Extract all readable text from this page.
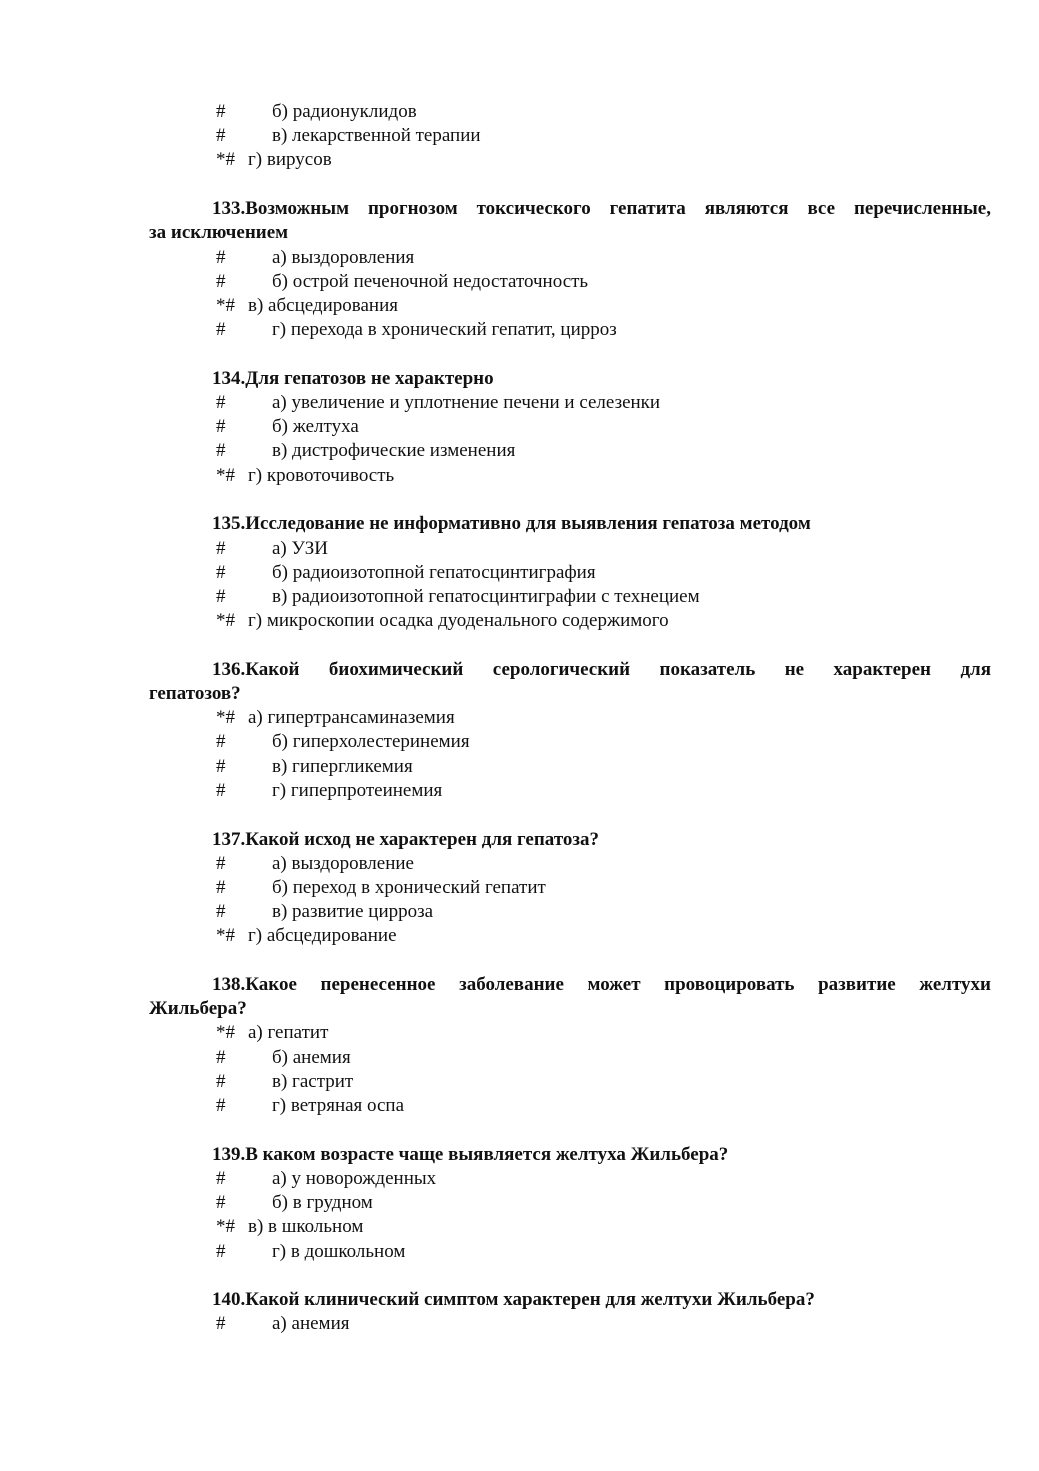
# б) радионуклидов
# в) лекарственной терапии
*# г) вирусов
133.Возможным прогнозом токсического гепатита являются все перечисленные,
за исключением
# а) выздоровления
# б) острой печеночной недостаточность
*# в) абсцедирования
# г) перехода в хронический гепатит, цирроз
134.Для гепатозов не характерно
# а) увеличение и уплотнение печени и селезенки
# б) желтуха
# в) дистрофические изменения
*# г) кровоточивость
135.Исследование не информативно для выявления гепатоза методом
# а) УЗИ
# б) радиоизотопной гепатосцинтиграфия
# в) радиоизотопной гепатосцинтиграфии с технецием
*# г) микроскопии осадка дуоденального содержимого
136.Какой биохимический серологический показатель не характерен для
гепатозов?
*# а) гипертрансаминаземия
# б) гиперхолестеринемия
# в) гипергликемия
# г) гиперпротеинемия
137.Какой исход не характерен для гепатоза?
# а) выздоровление
# б) переход в хронический гепатит
# в) развитие цирроза
*# г) абсцедирование
138.Какое перенесенное заболевание может провоцировать развитие желтухи
Жильбера?
*# а) гепатит
# б) анемия
# в) гастрит
# г) ветряная оспа
139.В каком возрасте чаще выявляется желтуха Жильбера?
# а) у новорожденных
# б) в грудном
*# в) в школьном
# г) в дошкольном
140.Какой клинический симптом характерен для желтухи Жильбера?
# а) анемия
